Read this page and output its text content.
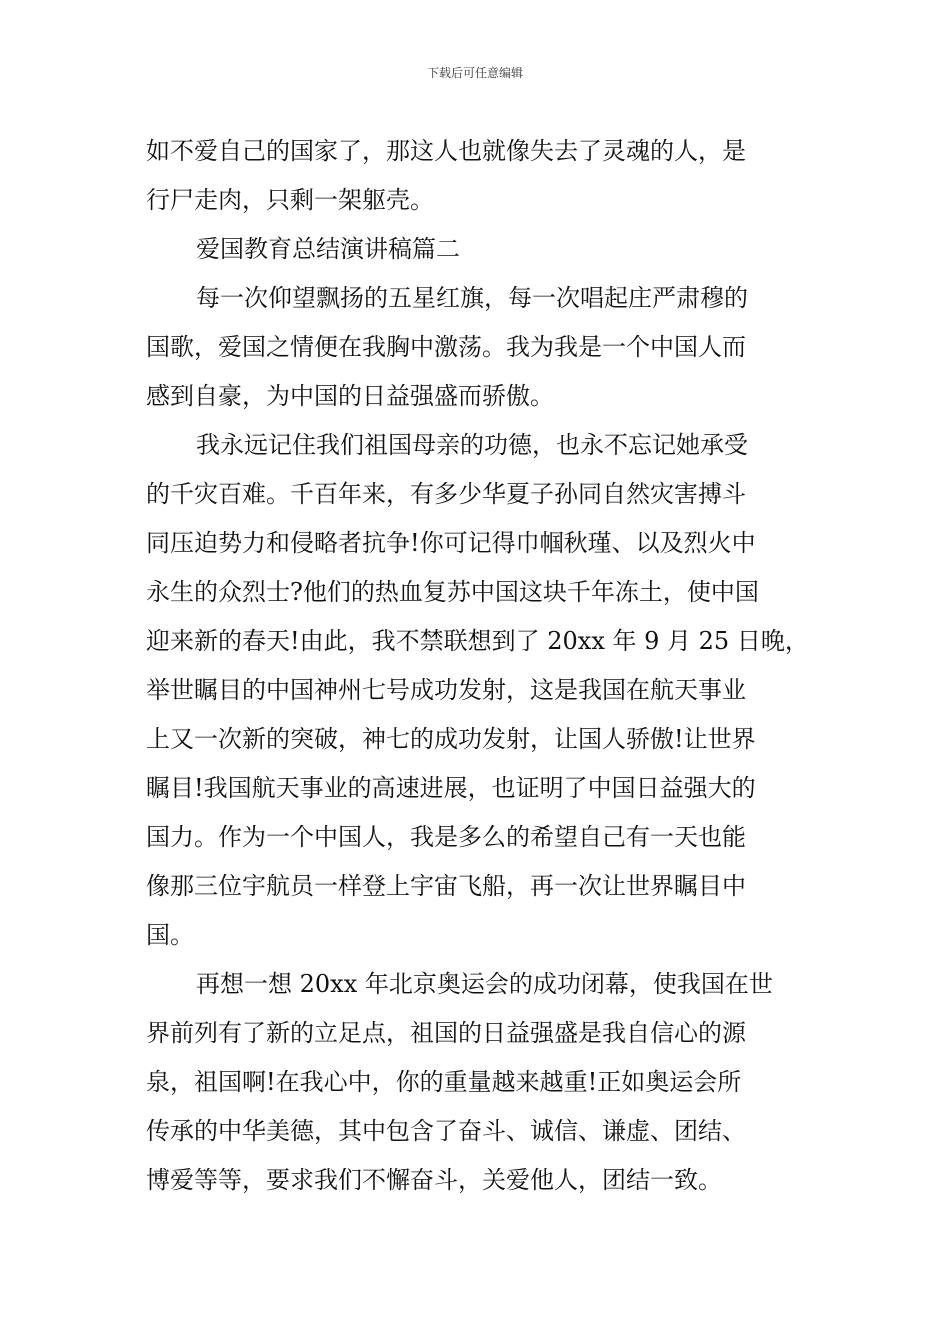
下载后可任意编辑
如不爱自己的国家了，那这人也就像失去了灵魂的人，是
行尸走肉，只剩一架躯壳。
爱国教育总结演讲稿篇二
每一次仰望飘扬的五星红旗，每一次唱起庄严肃穆的
国歌，爱国之情便在我胸中激荡。我为我是一个中国人而
感到自豪，为中国的日益强盛而骄傲。
我永远记住我们祖国母亲的功德，也永不忘记她承受
的千灾百难。千百年来，有多少华夏子孙同自然灾害搏斗
同压迫势力和侵略者抗争!你可记得巾帼秋瑾、以及烈火中
永生的众烈士?他们的热血复苏中国这块千年冻土，使中国
迎来新的春天!由此，我不禁联想到了 20xx 年 9 月 25 日晚，
举世瞩目的中国神州七号成功发射，这是我国在航天事业
上又一次新的突破，神七的成功发射，让国人骄傲!让世界
瞩目!我国航天事业的高速进展，也证明了中国日益强大的
国力。作为一个中国人，我是多么的希望自己有一天也能
像那三位宇航员一样登上宇宙飞船，再一次让世界瞩目中
国。
再想一想 20xx 年北京奥运会的成功闭幕，使我国在世
界前列有了新的立足点，祖国的日益强盛是我自信心的源
泉，祖国啊!在我心中，你的重量越来越重!正如奥运会所
传承的中华美德，其中包含了奋斗、诚信、谦虚、团结、
博爱等等，要求我们不懈奋斗，关爱他人，团结一致。
